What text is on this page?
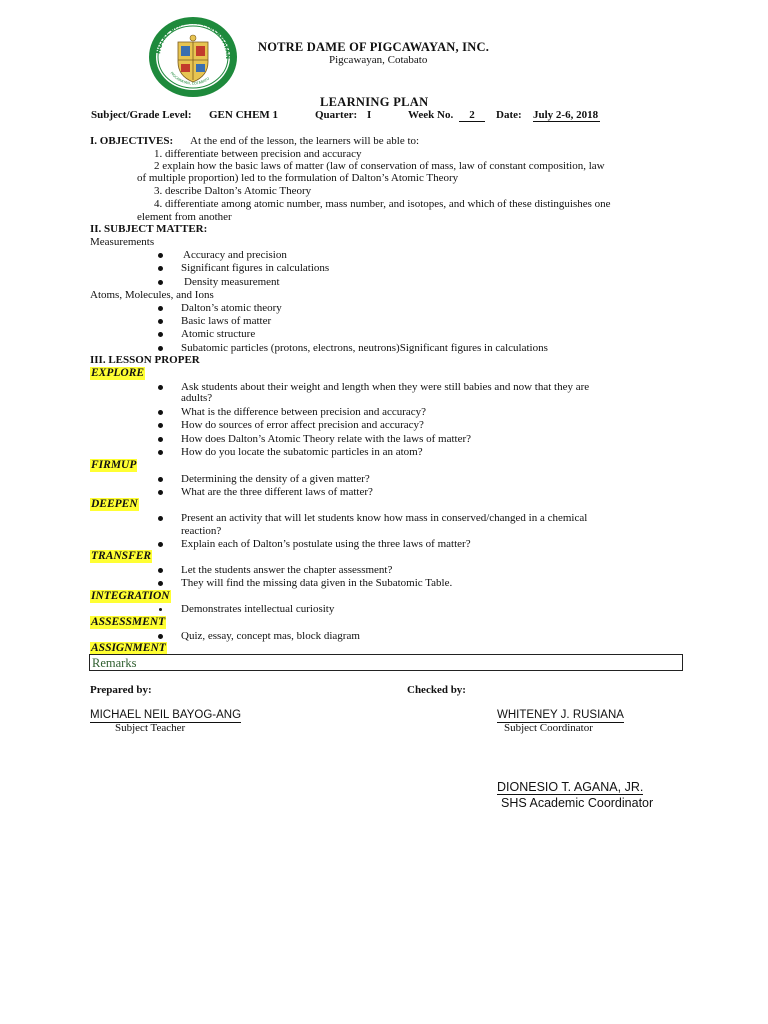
NOTRE DAME OF PIGCAWAYAN
PIGCAWAYAN, COTABATO
NOTRE DAME OF PIGCAWAYAN, INC.
Pigcawayan, Cotabato
LEARNING PLAN
Subject/Grade Level: GEN CHEM 1	Quarter: I	Week No.	2	Date: July 2-6, 2018
I. OBJECTIVES: At the end of the lesson, the learners will be able to:
1. differentiate between precision and accuracy
2 explain how the basic laws of matter (law of conservation of mass, law of constant composition, law
of multiple proportion) led to the formulation of Dalton’s Atomic Theory
3. describe Dalton’s Atomic Theory
4. differentiate among atomic number, mass number, and isotopes, and which of these distinguishes one
element from another
II. SUBJECT MATTER:
Measurements
Accuracy and precision
Significant figures in calculations
Density measurement
Atoms, Molecules, and Ions
Dalton’s atomic theory
Basic laws of matter
Atomic structure
Subatomic particles (protons, electrons, neutrons)Significant figures in calculations
III. LESSON PROPER
EXPLORE
Ask students about their weight and length when they were still babies and now that they are
adults?
What is the difference between precision and accuracy?
How do sources of error affect precision and accuracy?
How does Dalton’s Atomic Theory relate with the laws of matter?
How do you locate the subatomic particles in an atom?
FIRMUP
Determining the density of a given matter?
What are the three different laws of matter?
DEEPEN
Present an activity that will let students know how mass in conserved/changed in a chemical
reaction?
Explain each of Dalton’s postulate using the three laws of matter?
TRANSFER
Let the students answer the chapter assessment?
They will find the missing data given in the Subatomic Table.
INTEGRATION
Demonstrates intellectual curiosity
ASSESSMENT
Quiz, essay, concept mas, block diagram
ASSIGNMENT
Remarks
Prepared by:	Checked by:
MICHAEL NEIL BAYOG-ANG
Subject Teacher
WHITENEY J. RUSIANA
Subject Coordinator
DIONESIO T. AGANA, JR.
SHS Academic Coordinator
